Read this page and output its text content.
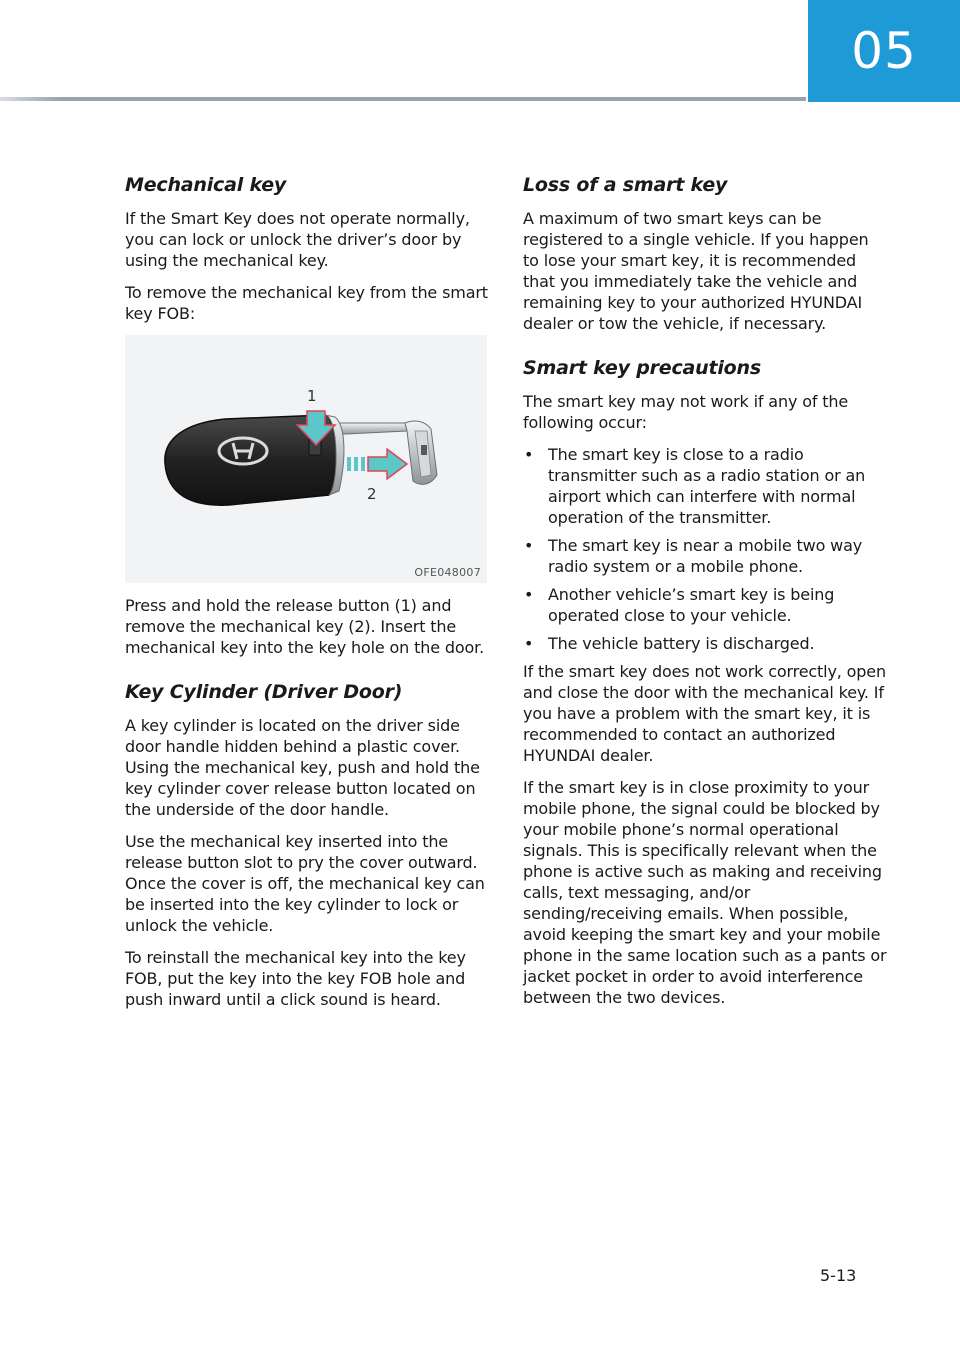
05
Mechanical key

If the Smart Key does not operate normally, you can lock or unlock the driver’s door by using the mechanical key.

To remove the mechanical key from the smart key FOB:

1
2
OFE048007

Press and hold the release button (1) and remove the mechanical key (2). Insert the mechanical key into the key hole on the door.

Key Cylinder (Driver Door)

A key cylinder is located on the driver side door handle hidden behind a plastic cover. Using the mechanical key, push and hold the key cylinder cover release button located on the underside of the door handle.

Use the mechanical key inserted into the release button slot to pry the cover outward. Once the cover is off, the mechanical key can be inserted into the key cylinder to lock or unlock the vehicle.

To reinstall the mechanical key into the key FOB, put the key into the key FOB hole and push inward until a click sound is heard.

Loss of a smart key

A maximum of two smart keys can be registered to a single vehicle. If you happen to lose your smart key, it is recommended that you immediately take the vehicle and remaining key to your authorized HYUNDAI dealer or tow the vehicle, if necessary.

Smart key precautions

The smart key may not work if any of the following occur:

• The smart key is close to a radio transmitter such as a radio station or an airport which can interfere with normal operation of the transmitter.
• The smart key is near a mobile two way radio system or a mobile phone.
• Another vehicle’s smart key is being operated close to your vehicle.
• The vehicle battery is discharged.

If the smart key does not work correctly, open and close the door with the mechanical key. If you have a problem with the smart key, it is recommended to contact an authorized HYUNDAI dealer.

If the smart key is in close proximity to your mobile phone, the signal could be blocked by your mobile phone’s normal operational signals. This is specifically relevant when the phone is active such as making and receiving calls, text messaging, and/or sending/receiving emails. When possible, avoid keeping the smart key and your mobile phone in the same location such as a pants or jacket pocket in order to avoid interference between the two devices.

5-13
